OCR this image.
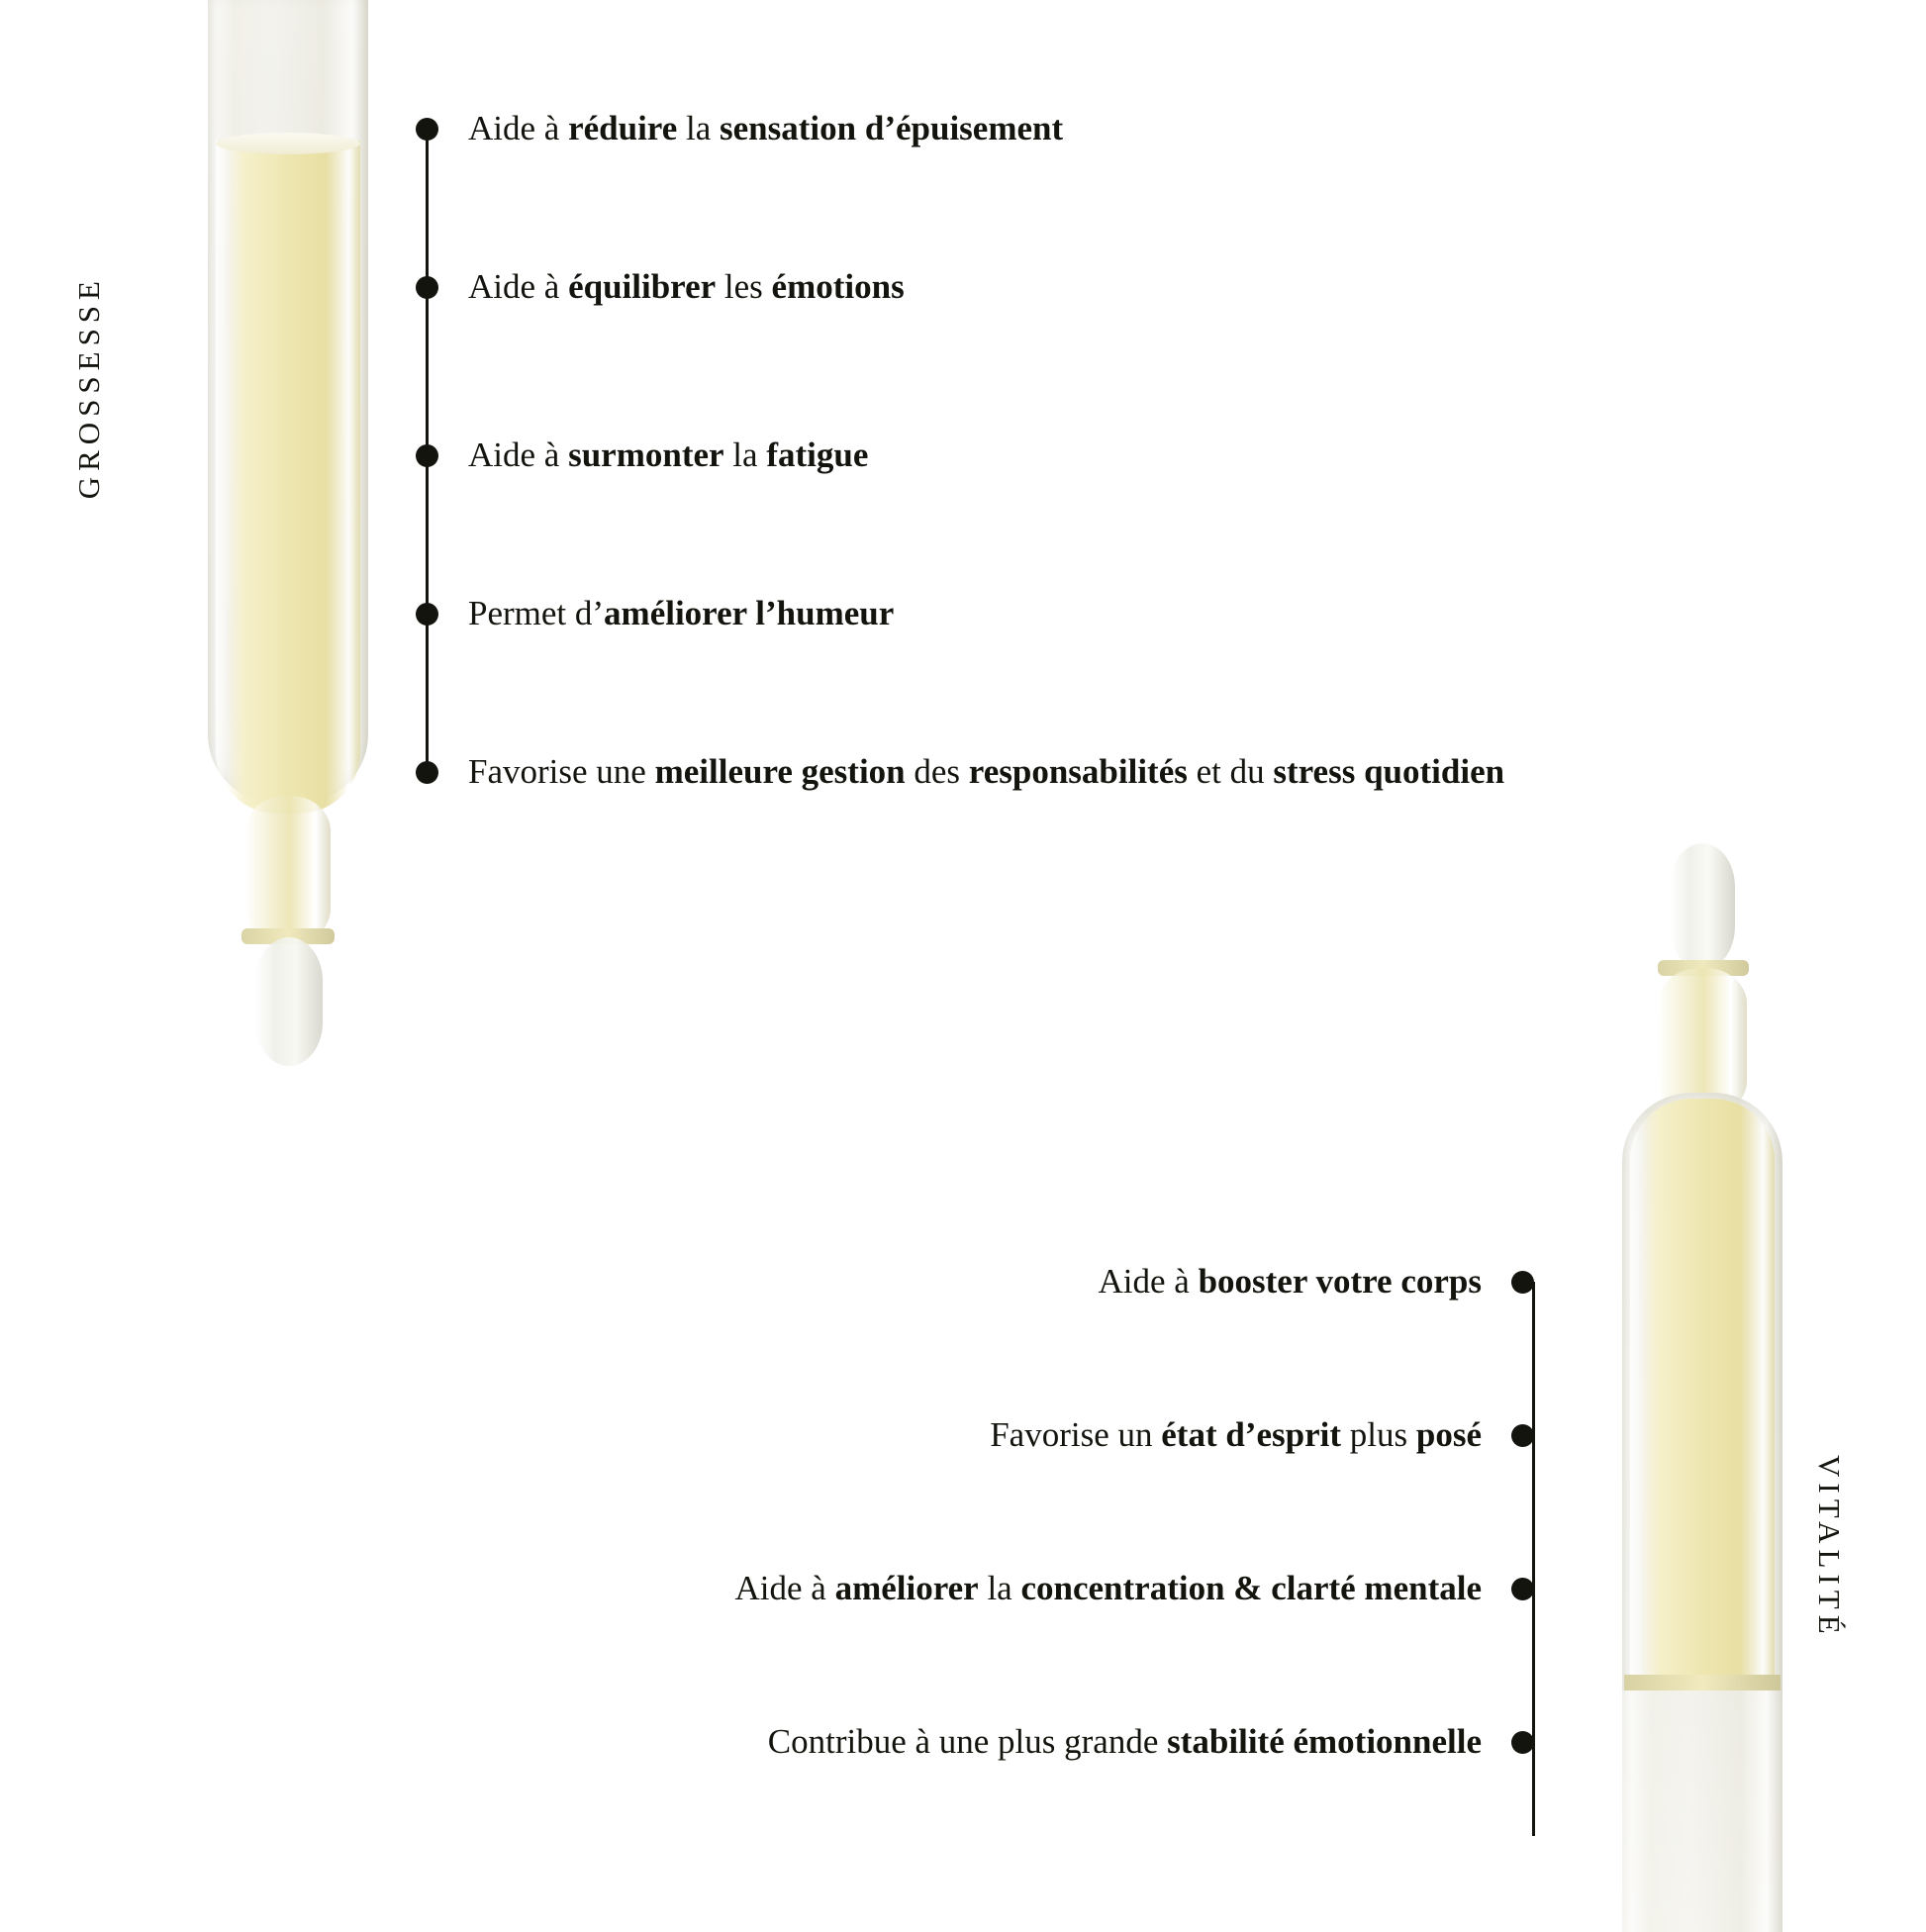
GROSSESSE
VITALITÉ
Aide à réduire la sensation d’épuisement
Aide à équilibrer les émotions
Aide à surmonter la fatigue
Permet d’améliorer l’humeur
Favorise une meilleure gestion des responsabilités et du stress quotidien
Aide à booster votre corps
Favorise un état d’esprit plus posé
Aide à améliorer la concentration & clarté mentale
Contribue à une plus grande stabilité émotionnelle
